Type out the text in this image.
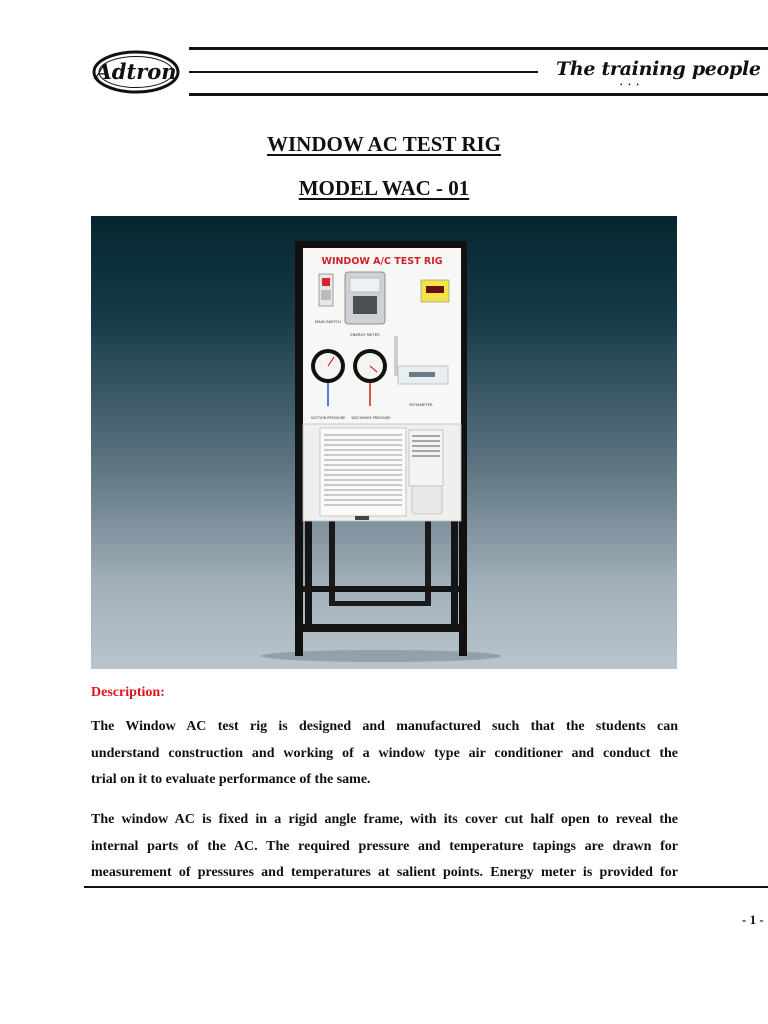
Adtron	The training people
• • •
WINDOW AC TEST RIG
MODEL WAC - 01
WINDOW A/C TEST RIG
MAIN SWITCH
ENERGY METER
SUCTION PRESSURE DISCHARGE PRESSURE
ROTAMETER
Description:
The Window AC test rig is designed and manufactured such that the students can
understand construction and working of a window type air conditioner and conduct the
trial on it to evaluate performance of the same.
The window AC is fixed in a rigid angle frame, with its cover cut half open to reveal the
internal parts of the AC. The required pressure and temperature tapings are drawn for
measurement of pressures and temperatures at salient points. Energy meter is provided for
- 1 -
